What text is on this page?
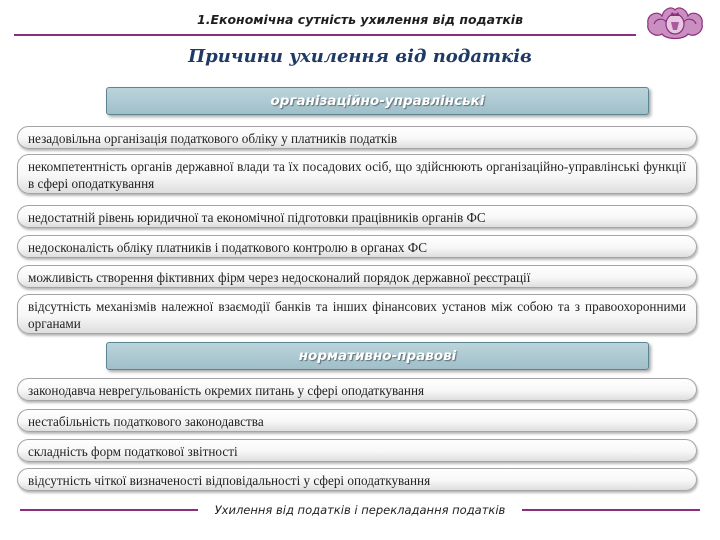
1.Економічна сутність ухилення від податків
Причини ухилення від податків
організаційно-управлінські
незадовільна організація податкового обліку у платників податків
некомпетентність органів державної влади та їх посадових осіб, що здійснюють організаційно-управлінські функції в сфері оподаткування
недостатній рівень юридичної та економічної підготовки працівників органів ФС
недосконалість обліку платників і податкового контролю в органах ФС
можливість створення фіктивних фірм через недосконалий порядок державної реєстрації
відсутність механізмів належної взаємодії банків та інших фінансових установ між собою та з правоохоронними органами
нормативно-правові
законодавча неврегульованість окремих питань у сфері оподаткування
нестабільність податкового законодавства
складність форм податкової звітності
відсутність чіткої визначеності відповідальності у сфері оподаткування
Ухилення від податків і перекладання податків
